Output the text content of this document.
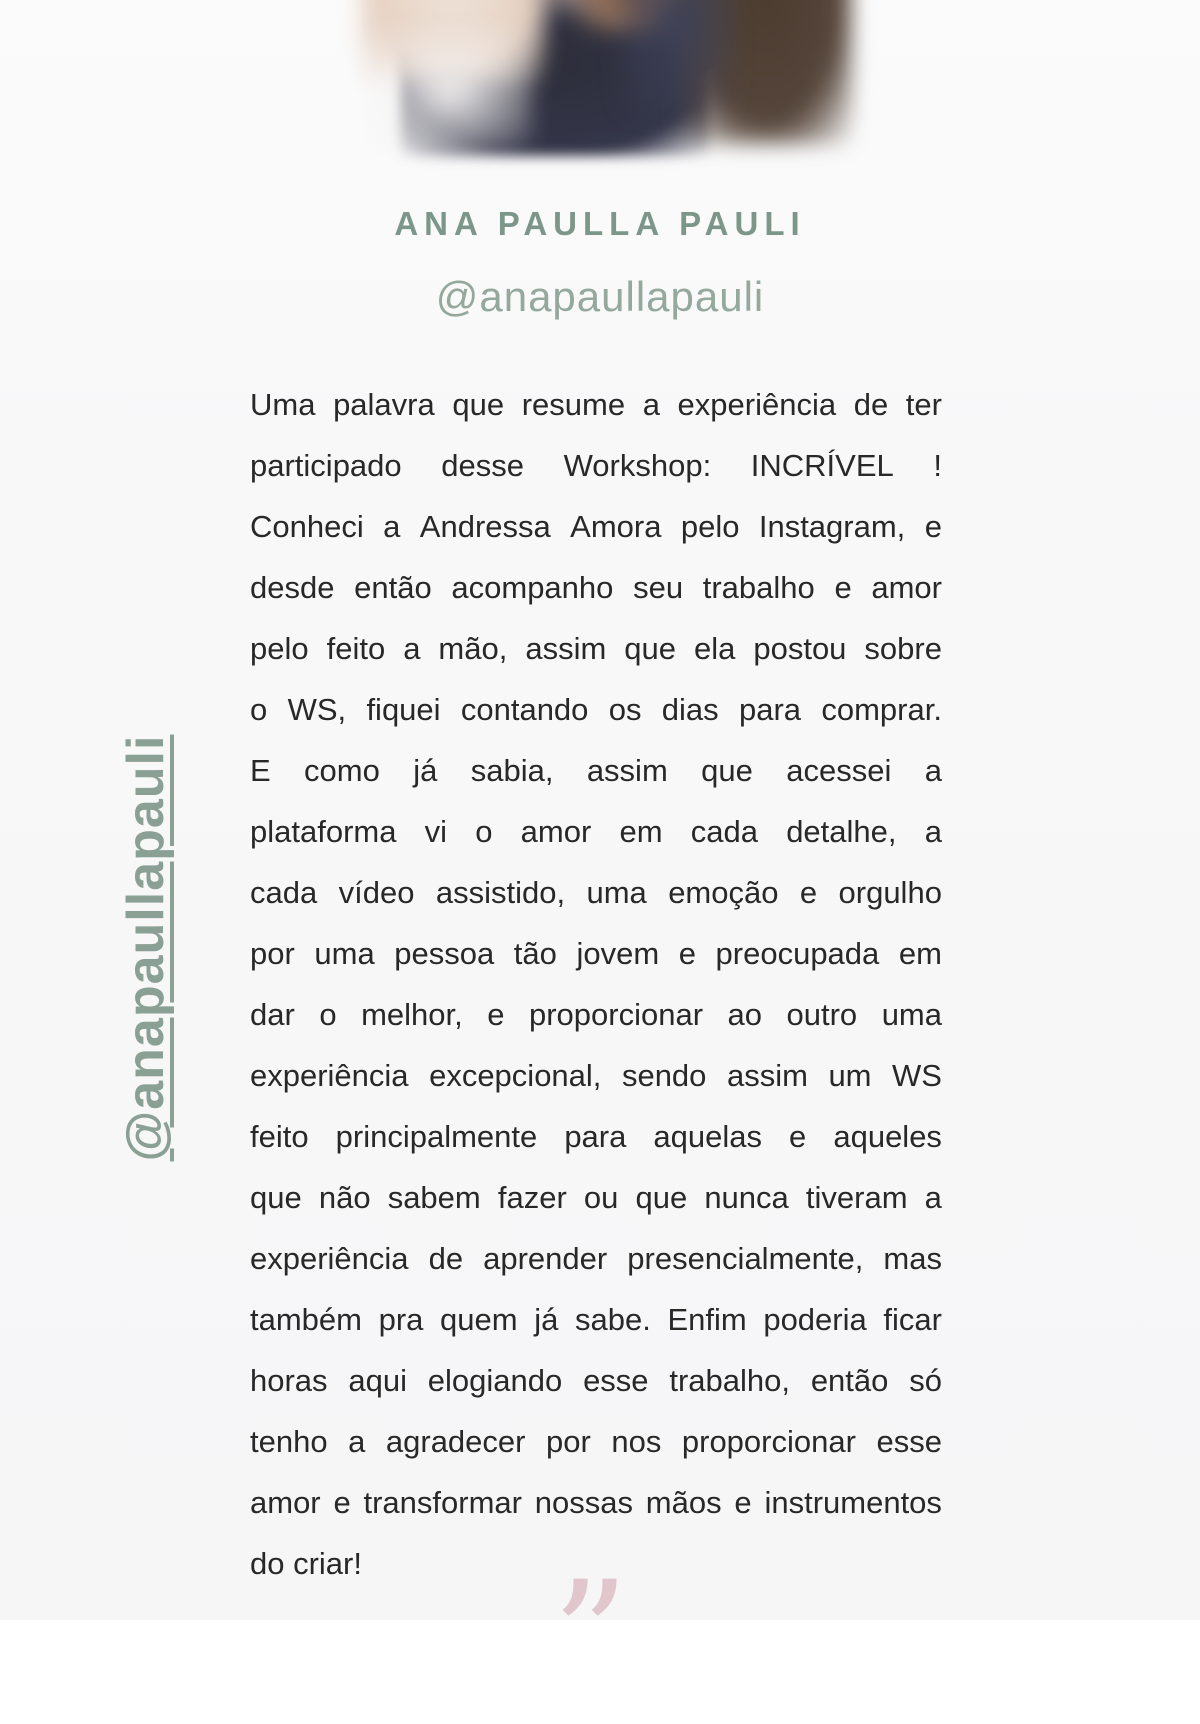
ANA PAULLA PAULI
@anapaullapauli
@anapaullapauli
Uma palavra que resume a experiência de ter
participado desse Workshop: INCRÍVEL !
Conheci a Andressa Amora pelo Instagram, e
desde então acompanho seu trabalho e amor
pelo feito a mão, assim que ela postou sobre
o WS, fiquei contando os dias para comprar.
E como já sabia, assim que acessei a
plataforma vi o amor em cada detalhe, a
cada vídeo assistido, uma emoção e orgulho
por uma pessoa tão jovem e preocupada em
dar o melhor, e proporcionar ao outro uma
experiência excepcional, sendo assim um WS
feito principalmente para aquelas e aqueles
que não sabem fazer ou que nunca tiveram a
experiência de aprender presencialmente, mas
também pra quem já sabe. Enfim poderia ficar
horas aqui elogiando esse trabalho, então só
tenho a agradecer por nos proporcionar esse
amor e transformar nossas mãos e instrumentos
do criar!	”
